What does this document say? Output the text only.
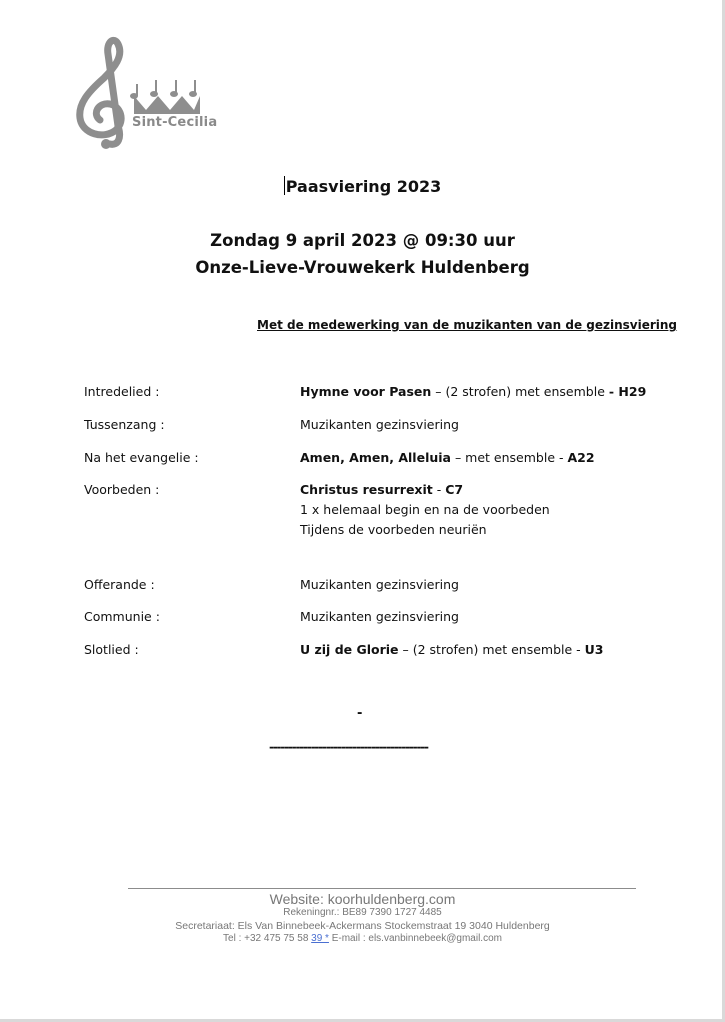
Sint-Cecilia
Paasviering 2023
Zondag 9 april 2023 @ 09:30 uur
Onze-Lieve-Vrouwekerk Huldenberg
Met de medewerking van de muzikanten van de gezinsviering
Intredelied :	Hymne voor Pasen – (2 strofen) met ensemble - H29
Tussenzang :	Muzikanten gezinsviering
Na het evangelie :	Amen, Amen, Alleluia – met ensemble - A22
Voorbeden :	Christus resurrexit - C7
1 x helemaal begin en na de voorbeden
Tijdens de voorbeden neuriën
Offerande :	Muzikanten gezinsviering
Communie :	Muzikanten gezinsviering
Slotlied :	U zij de Glorie – (2 strofen) met ensemble - U3
-
------------------------------------------
Website: koorhuldenberg.com
Rekeningnr.: BE89 7390 1727 4485
Secretariaat: Els Van Binnebeek-Ackermans Stockemstraat 19 3040 Huldenberg
Tel : +32 475 75 58 39 * E-mail : els.vanbinnebeek@gmail.com
